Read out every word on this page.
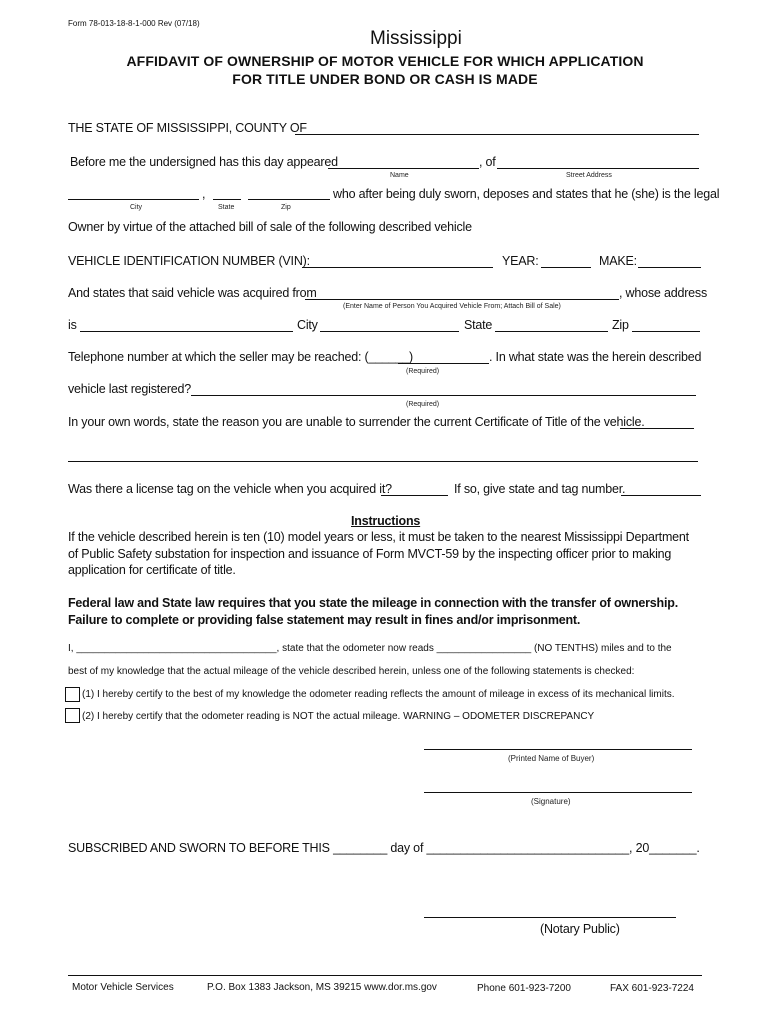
Form 78-013-18-8-1-000 Rev (07/18)
Mississippi
AFFIDAVIT OF OWNERSHIP OF MOTOR VEHICLE FOR WHICH APPLICATION
FOR TITLE UNDER BOND OR CASH IS MADE
THE STATE OF MISSISSIPPI, COUNTY OF
Before me the undersigned has this day appeared	, of
Name	Street Address
,	who after being duly sworn, deposes and states that he (she) is the legal
City	State	Zip
Owner by virtue of the attached bill of sale of the following described vehicle
VEHICLE IDENTIFICATION NUMBER (VIN):	YEAR:	MAKE:
And states that said vehicle was acquired from	, whose address
(Enter Name of Person You Acquired Vehicle From; Attach Bill of Sale)
is	City	State	Zip
Telephone number at which the seller may be reached: (______)	. In what state was the herein described
(Required)
vehicle last registered?
(Required)
In your own words, state the reason you are unable to surrender the current Certificate of Title of the vehicle.
Was there a license tag on the vehicle when you acquired it?	If so, give state and tag number.
Instructions
If the vehicle described herein is ten (10) model years or less, it must be taken to the nearest Mississippi Department of Public Safety substation for inspection and issuance of Form MVCT-59 by the inspecting officer prior to making application for certificate of title.
Federal law and State law requires that you state the mileage in connection with the transfer of ownership. Failure to complete or providing false statement may result in fines and/or imprisonment.
I, ____________________________________, state that the odometer now reads _________________ (NO TENTHS) miles and to the
best of my knowledge that the actual mileage of the vehicle described herein, unless one of the following statements is checked:
(1) I hereby certify to the best of my knowledge the odometer reading reflects the amount of mileage in excess of its mechanical limits.
(2) I hereby certify that the odometer reading is NOT the actual mileage. WARNING – ODOMETER DISCREPANCY
(Printed Name of Buyer)
(Signature)
SUBSCRIBED AND SWORN TO BEFORE THIS ________ day of ______________________________, 20_______.
(Notary Public)
Motor Vehicle Services	P.O. Box 1383 Jackson, MS 39215 www.dor.ms.gov	Phone 601-923-7200	FAX 601-923-7224
